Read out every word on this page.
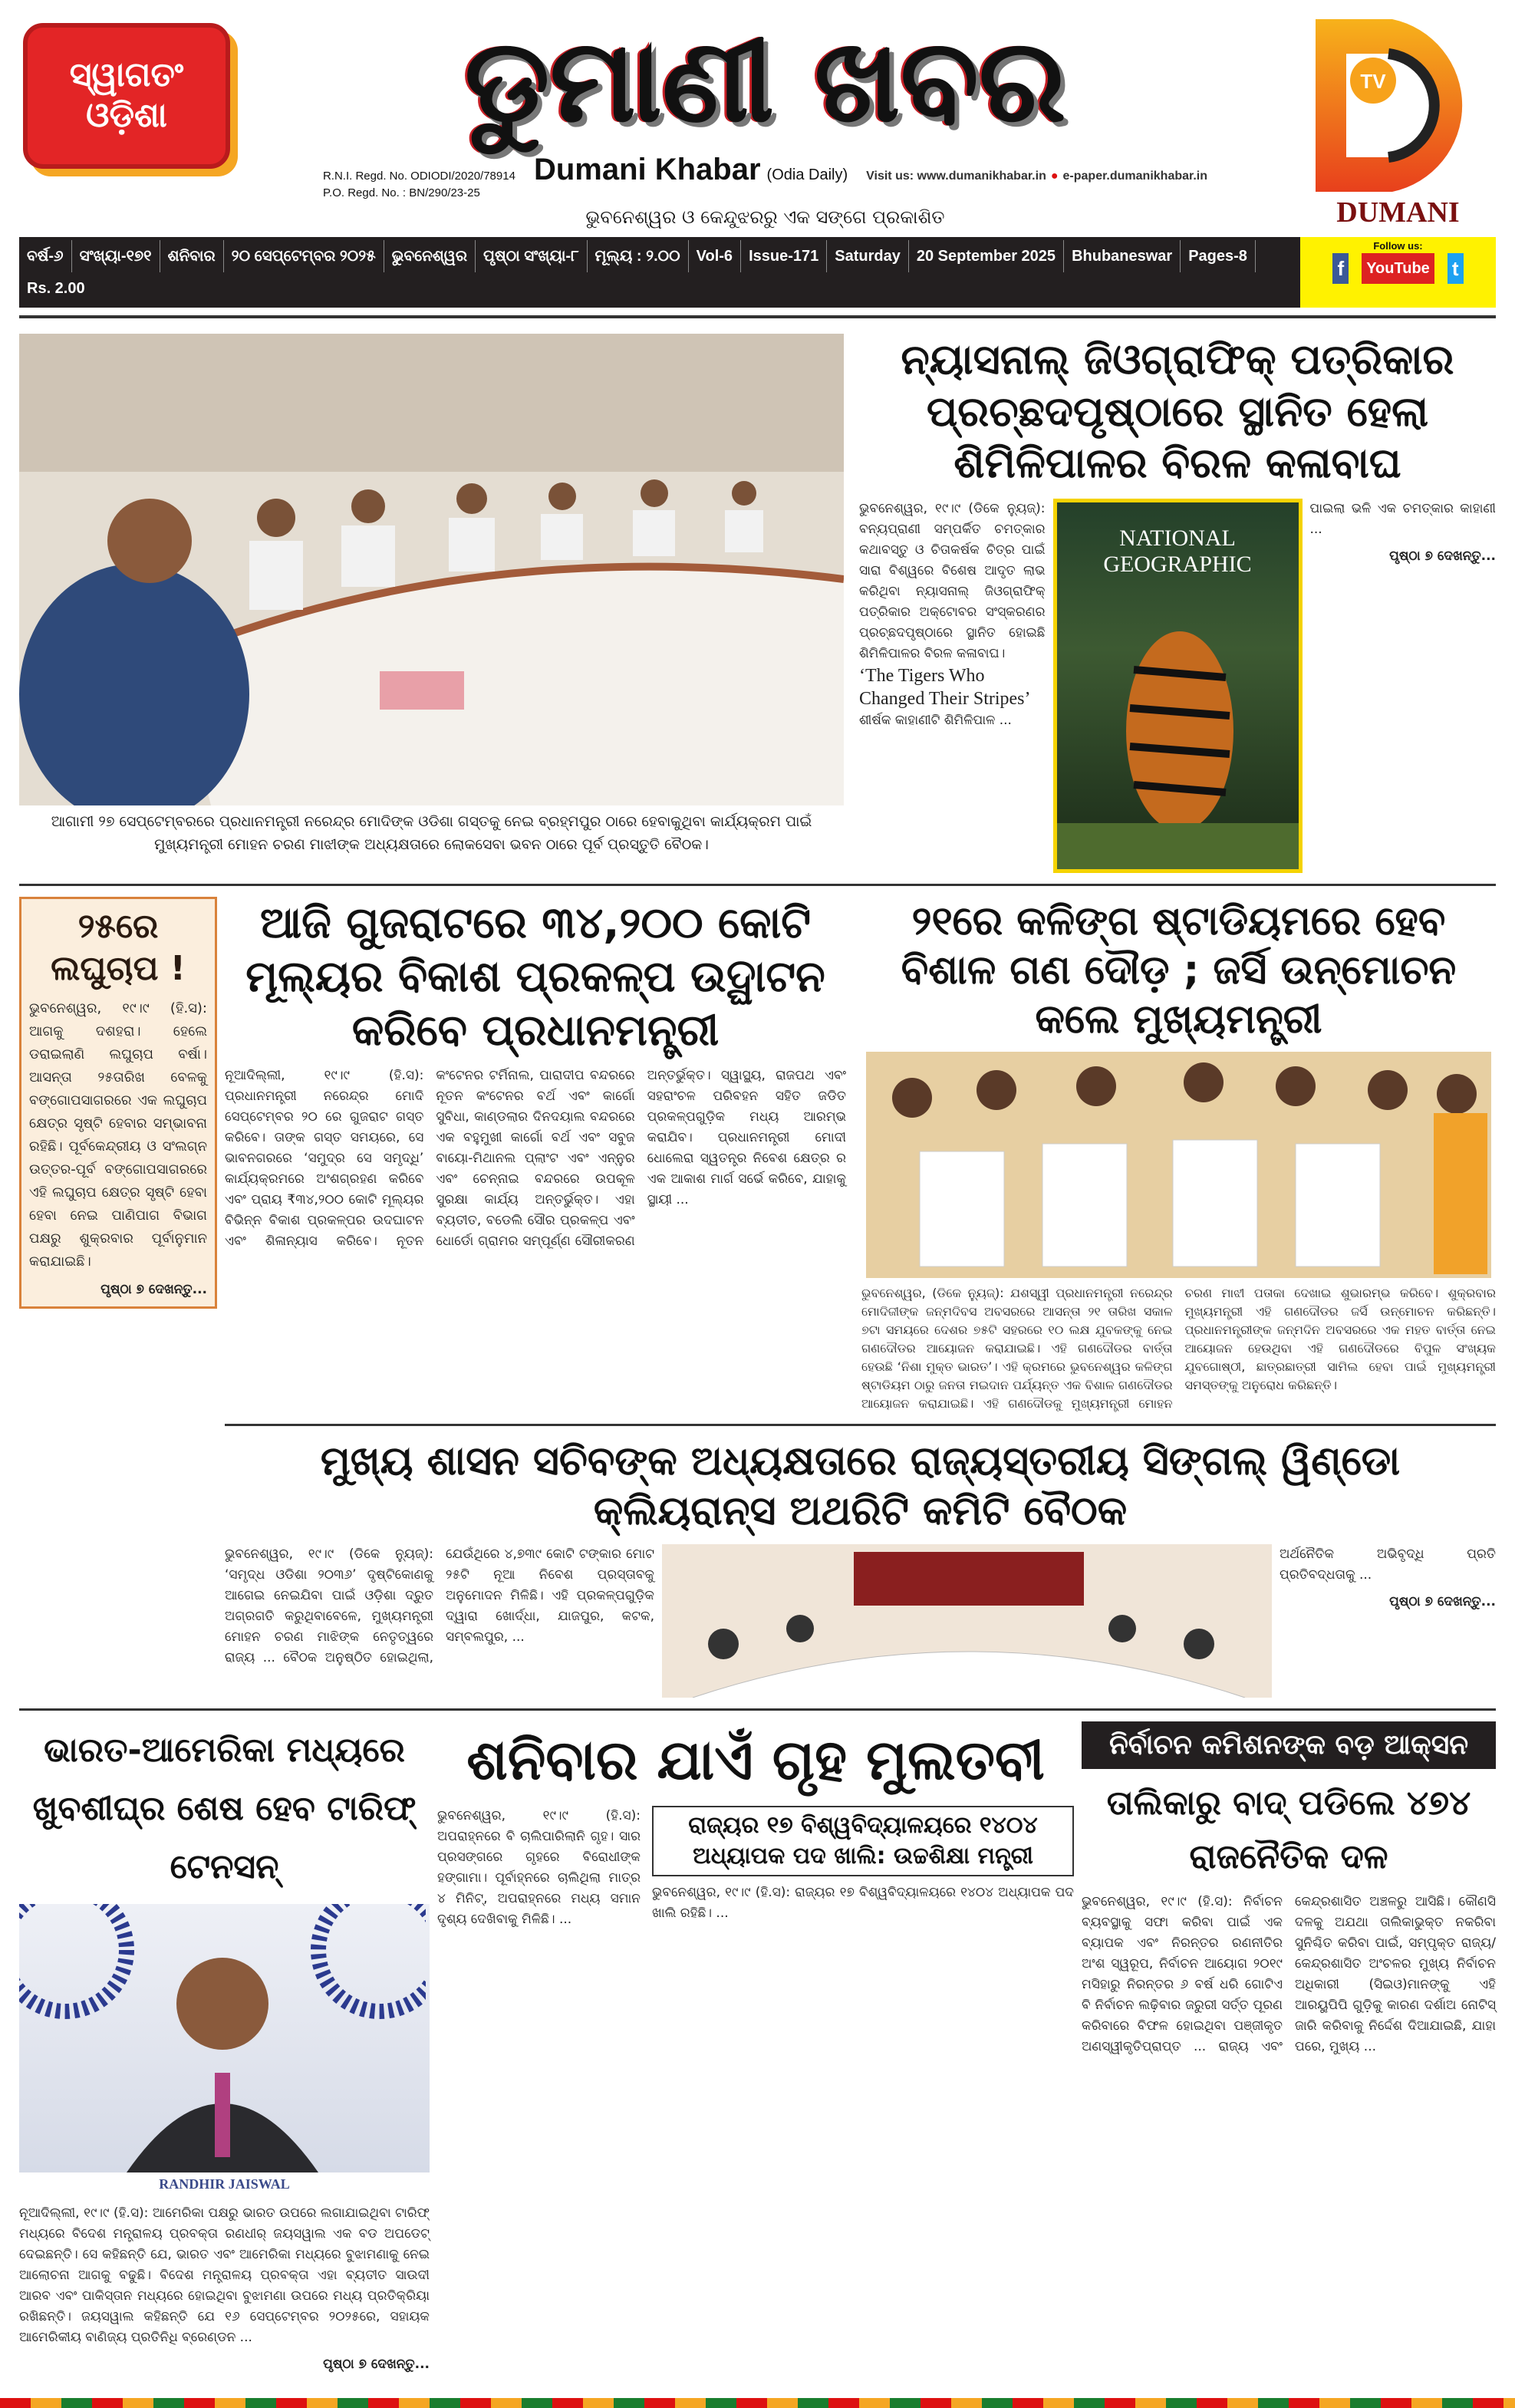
ସ୍ୱାଗତଂ
ଓଡ଼ିଶା	ଡୁମାଣୀ ଖବର
R.N.I. Regd. No. ODIODI/2020/78914
P.O. Regd. No. : BN/290/23-25
Dumani Khabar (Odia Daily) Visit us: www.dumanikhabar.in ● e-paper.dumanikhabar.in
ଭୁବନେଶ୍ୱର ଓ କେନ୍ଦୁଝରରୁ ଏକ ସଙ୍ଗେ ପ୍ରକାଶିତ
TV
DUMANI
ବର୍ଷ-୬	ସଂଖ୍ୟା-୧୭୧	ଶନିବାର	୨୦ ସେପ୍ଟେମ୍ବର ୨୦୨୫	ଭୁବନେଶ୍ୱର	ପୃଷ୍ଠା ସଂଖ୍ୟା-୮	ମୂଲ୍ୟ : ୨.୦୦	Vol-6	Issue-171	Saturday	20 September 2025	Bhubaneswar	Pages-8
Rs. 2.00
Follow us:
f YouTube t
ଆଗାମୀ ୨୭ ସେପ୍ଟେମ୍ବରରେ ପ୍ରଧାନମନ୍ତ୍ରୀ ନରେନ୍ଦ୍ର ମୋଦିଙ୍କ ଓଡିଶା ଗସ୍ତକୁ ନେଇ ବ୍ରହ୍ମପୁର ଠାରେ ହେବାକୁଥିବା କାର୍ଯ୍ୟକ୍ରମ ପାଇଁ ମୁଖ୍ୟମନ୍ତ୍ରୀ ମୋହନ ଚରଣ ମାଝୀଙ୍କ ଅଧ୍ୟକ୍ଷତାରେ ଲୋକସେବା ଭବନ ଠାରେ ପୂର୍ବ ପ୍ରସ୍ତୁତି ବୈଠକ।
ନ୍ୟାସନାଲ୍ ଜିଓଗ୍ରାଫିକ୍ ପତ୍ରିକାର ପ୍ରଚ୍ଛଦପୃଷ୍ଠାରେ ସ୍ଥାନିତ ହେଲା ଶିମିଳିପାଳର ବିରଳ କଳାବାଘ
ଭୁବନେଶ୍ୱର, ୧୯।୯ (ଡିକେ ନ୍ୟୁଜ୍): ବନ୍ୟପ୍ରାଣୀ ସମ୍ପର୍କିତ ଚମତ୍କାର କଥାବସ୍ତୁ ଓ ଚିତାକର୍ଷକ ଚିତ୍ର ପାଇଁ ସାରା ବିଶ୍ୱରେ ବିଶେଷ ଆଦୃତ ଲାଭ କରିଥିବା ନ୍ୟାସନାଲ୍ ଜିଓଗ୍ରାଫିକ୍ ପତ୍ରିକାର ଅକ୍ଟୋବର ସଂସ୍କରଣର ପ୍ରଚ୍ଛଦପୃଷ୍ଠାରେ ସ୍ଥାନିତ ହୋଇଛି ଶିମିଳିପାଳର ବିରଳ କଳାବାଘ।
‘The Tigers Who Changed Their Stripes’
ଶୀର୍ଷକ କାହାଣୀଟି ଶିମିଳିପାଳ ...
NATIONAL GEOGRAPHIC
ପାଇଲା ଭଳି ଏକ ଚମତ୍କାର କାହାଣୀ ...
ପୃଷ୍ଠା ୭ ଦେଖନ୍ତୁ...
୨୫ରେ ଲଘୁଚାପ !
ଭୁବନେଶ୍ୱର, ୧୯।୯ (ହି.ସ): ଆଗକୁ ଦଶହରା। ହେଲେ ଡରାଇଲାଣି ଲଘୁଚାପ ବର୍ଷା। ଆସନ୍ତା ୨୫ତାରିଖ ବେଳକୁ ବଙ୍ଗୋପସାଗରରେ ଏକ ଲଘୁଚାପ କ୍ଷେତ୍ର ସୃଷ୍ଟି ହେବାର ସମ୍ଭାବନା ରହିଛି। ପୂର୍ବକେନ୍ଦ୍ରୀୟ ଓ ସଂଲଗ୍ନ ଉତ୍ତର-ପୂର୍ବ ବଙ୍ଗୋପସାଗରରେ ଏହି ଲଘୁଚାପ କ୍ଷେତ୍ର ସୃଷ୍ଟି ହେବା ହେବା ନେଇ ପାଣିପାଗ ବିଭାଗ ପକ୍ଷରୁ ଶୁକ୍ରବାର ପୂର୍ବାନୁମାନ କରାଯାଇଛି।
ପୃଷ୍ଠା ୭ ଦେଖନ୍ତୁ...
ଆଜି ଗୁଜରାଟରେ ୩୪,୨୦୦ କୋଟି ମୂଲ୍ୟର ବିକାଶ ପ୍ରକଳ୍ପ ଉଦ୍ଘାଟନ କରିବେ ପ୍ରଧାନମନ୍ତ୍ରୀ
ନୂଆଦିଲ୍ଲୀ, ୧୯।୯ (ହି.ସ): ପ୍ରଧାନମନ୍ତ୍ରୀ ନରେନ୍ଦ୍ର ମୋଦି ସେପ୍ଟେମ୍ବର ୨୦ ରେ ଗୁଜରାଟ ଗସ୍ତ କରିବେ। ତାଙ୍କ ଗସ୍ତ ସମୟରେ, ସେ ଭାବନଗରରେ ‘ସମୁଦ୍ର ସେ ସମୃଦ୍ଧି’ କାର୍ଯ୍ୟକ୍ରମରେ ଅଂଶଗ୍ରହଣ କରିବେ ଏବଂ ପ୍ରାୟ ₹୩୪,୨୦୦ କୋଟି ମୂଲ୍ୟର ବିଭିନ୍ନ ବିକାଶ ପ୍ରକଳ୍ପର ଉଦଘାଟନ ଏବଂ ଶିଳାନ୍ୟାସ କରିବେ। ନୂତନ କଂଟେନର ଟର୍ମିନାଲ, ପାରାଦୀପ ବନ୍ଦରରେ ନୂତନ କଂଟେନର ବର୍ଥ ଏବଂ କାର୍ଗୋ ସୁବିଧା, କାଣ୍ଡଲାର ଦିନଦୟାଲ ବନ୍ଦରରେ ଏକ ବହୁମୁଖୀ କାର୍ଗୋ ବର୍ଥ ଏବଂ ସବୁଜ ବାୟୋ-ମିଥାନଲ ପ୍ଲାଂଟ ଏବଂ ଏନ୍ନୁର ଏବଂ ଚେନ୍ନାଇ ବନ୍ଦରରେ ଉପକୂଳ ସୁରକ୍ଷା କାର୍ଯ୍ୟ ଅନ୍ତର୍ଭୁକ୍ତ। ଏହା ବ୍ୟତୀତ, ବଡେଲି ସୌର ପ୍ରକଳ୍ପ ଏବଂ ଧୋର୍ଡୋ ଗ୍ରାମର ସମ୍ପୂର୍ଣ୍ଣ ସୌରୀକରଣ ଅନ୍ତର୍ଭୁକ୍ତ। ସ୍ୱାସ୍ଥ୍ୟ, ରାଜପଥ ଏବଂ ସହରାଂଚଳ ପରିବହନ ସହିତ ଜଡିତ ପ୍ରକଳ୍ପଗୁଡ଼ିକ ମଧ୍ୟ ଆରମ୍ଭ କରାଯିବ। ପ୍ରଧାନମନ୍ତ୍ରୀ ମୋଦୀ ଧୋଲେରା ସ୍ୱତନ୍ତ୍ର ନିବେଶ କ୍ଷେତ୍ର ର ଏକ ଆକାଶ ମାର୍ଗ ସର୍ଭେ କରିବେ, ଯାହାକୁ ସ୍ଥାୟୀ ...
୨୧ରେ କଳିଙ୍ଗ ଷ୍ଟାଡିୟମରେ ହେବ ବିଶାଳ ଗଣ ଦୌଡ଼ ; ଜର୍ସି ଉନ୍ମୋଚନ କଲେ ମୁଖ୍ୟମନ୍ତ୍ରୀ
ଭୁବନେଶ୍ୱର, (ଡିକେ ନ୍ୟୁଜ୍): ଯଶସ୍ୱୀ ପ୍ରଧାନମନ୍ତ୍ରୀ ନରେନ୍ଦ୍ର ମୋଦିଜୀଙ୍କ ଜନ୍ମଦିବସ ଅବସରରେ ଆସନ୍ତା ୨୧ ତାରିଖ ସକାଳ ୭ଟା ସମୟରେ ଦେଶର ୭୫ଟି ସହରରେ ୧୦ ଲକ୍ଷ ଯୁବକଙ୍କୁ ନେଇ ଗଣଦୌଡର ଆୟୋଜନ କରାଯାଇଛି। ଏହି ଗଣଦୌଡର ବାର୍ତ୍ତା ହେଉଛି ‘ନିଶା ମୁକ୍ତ ଭାରତ’। ଏହି କ୍ରମରେ ଭୁବନେଶ୍ୱର କଳିଙ୍ଗ ଷ୍ଟାଡିୟମ ଠାରୁ ଜନତା ମଇଦାନ ପର୍ଯ୍ୟନ୍ତ ଏକ ବିଶାଳ ଗଣଦୌଡର ଆୟୋଜନ କରାଯାଇଛି। ଏହି ଗଣଦୌଡକୁ ମୁଖ୍ୟମନ୍ତ୍ରୀ ମୋହନ ଚରଣ ମାଝୀ ପତାକା ଦେଖାଇ ଶୁଭାରମ୍ଭ କରିବେ। ଶୁକ୍ରବାର ମୁଖ୍ୟମନ୍ତ୍ରୀ ଏହି ଗଣଦୌଡର ଜର୍ସି ଉନ୍ମୋଚନ କରିଛନ୍ତି। ପ୍ରଧାନମନ୍ତ୍ରୀଙ୍କ ଜନ୍ମଦିନ ଅବସରରେ ଏକ ମହତ ବାର୍ତ୍ତା ନେଇ ଆୟୋଜନ ହେଉଥିବା ଏହି ଗଣଦୌଡରେ ବିପୁଳ ସଂଖ୍ୟକ ଯୁବଗୋଷ୍ଠୀ, ଛାତ୍ରଛାତ୍ରୀ ସାମିଲ ହେବା ପାଇଁ ମୁଖ୍ୟମନ୍ତ୍ରୀ ସମସ୍ତଙ୍କୁ ଅନୁରୋଧ କରିଛନ୍ତି।
ମୁଖ୍ୟ ଶାସନ ସଚିବଙ୍କ ଅଧ୍ୟକ୍ଷତାରେ ରାଜ୍ୟସ୍ତରୀୟ ସିଙ୍ଗଲ୍ ୱିଣ୍ଡୋ କ୍ଲିୟରାନ୍ସ ଅଥରିଟି କମିଟି ବୈଠକ
ଭୁବନେଶ୍ୱର, ୧୯।୯ (ଡିକେ ନ୍ୟୁଜ୍): ‘ସମୃଦ୍ଧ ଓଡିଶା ୨୦୩୬’ ଦୃଷ୍ଟିକୋଣକୁ ଆଗେଇ ନେଇଯିବା ପାଇଁ ଓଡ଼ିଶା ଦ୍ରୁତ ଅଗ୍ରଗତି କରୁଥିବାବେଳେ, ମୁଖ୍ୟମନ୍ତ୍ରୀ ମୋହନ ଚରଣ ମାଝିଙ୍କ ନେତୃତ୍ୱରେ ରାଜ୍ୟ ... ବୈଠକ ଅନୁଷ୍ଠିତ ହୋଇଥିଲା, ଯେଉଁଥିରେ ୪,୭୩୯ କୋଟି ଟଙ୍କାର ମୋଟ ୨୫ଟି ନୂଆ ନିବେଶ ପ୍ରସ୍ତାବକୁ ଅନୁମୋଦନ ମିଳିଛି। ଏହି ପ୍ରକଳ୍ପଗୁଡ଼ିକ ଦ୍ୱାରା ଖୋର୍ଦ୍ଧା, ଯାଜପୁର, କଟକ, ସମ୍ବଲପୁର, ...
ଅର୍ଥନୈତିକ ଅଭିବୃଦ୍ଧି ପ୍ରତି ପ୍ରତିବଦ୍ଧତାକୁ ...
ପୃଷ୍ଠା ୭ ଦେଖନ୍ତୁ...
ଭାରତ-ଆମେରିକା ମଧ୍ୟରେ ଖୁବଶୀଘ୍ର ଶେଷ ହେବ ଟାରିଫ୍ ଟେନସନ୍
RANDHIR JAISWAL
ନୂଆଦିଲ୍ଲୀ, ୧୯।୯ (ହି.ସ): ଆମେରିକା ପକ୍ଷରୁ ଭାରତ ଉପରେ ଲଗାଯାଇଥିବା ଟାରିଫ୍ ମଧ୍ୟରେ ବିଦେଶ ମନ୍ତ୍ରାଳୟ ପ୍ରବକ୍ତା ରଣଧୀର୍ ଜୟସୱାଲ ଏକ ବଡ ଅପଡେଟ୍ ଦେଇଛନ୍ତି। ସେ କହିଛନ୍ତି ଯେ, ଭାରତ ଏବଂ ଆମେରିକା ମଧ୍ୟରେ ବୁଝାମଣାକୁ ନେଇ ଆଲୋଚନା ଆଗକୁ ବଢୁଛି। ବିଦେଶ ମନ୍ତ୍ରାଳୟ ପ୍ରବକ୍ତା ଏହା ବ୍ୟତୀତ ସାଉଦୀ ଆରବ ଏବଂ ପାକିସ୍ତାନ ମଧ୍ୟରେ ହୋଇଥିବା ବୁଝାମଣା ଉପରେ ମଧ୍ୟ ପ୍ରତିକ୍ରିୟା ରଖିଛନ୍ତି। ଜୟସୱାଲ କହିଛନ୍ତି ଯେ ୧୬ ସେପ୍ଟେମ୍ବର ୨୦୨୫ରେ, ସହାୟକ ଆମେରିକୀୟ ବାଣିଜ୍ୟ ପ୍ରତିନିଧି ବ୍ରେଣ୍ଡନ ...
ପୃଷ୍ଠା ୭ ଦେଖନ୍ତୁ...
ଶନିବାର ଯାଏଁ ଗୃହ ମୁଲତବୀ
ଭୁବନେଶ୍ୱର, ୧୯।୯ (ହି.ସ): ଅପରାହ୍ନରେ ବି ଚାଲିପାରିଲାନି ଗୃହ। ସାର ପ୍ରସଙ୍ଗରେ ଗୃହରେ ବିରୋଧୀଙ୍କ ହଙ୍ଗାମା। ପୂର୍ବାହ୍ନରେ ଚାଲିଥିଲା ମାତ୍ର ୪ ମିନିଟ୍, ଅପରାହ୍ନରେ ମଧ୍ୟ ସମାନ ଦୃଶ୍ୟ ଦେଖିବାକୁ ମିଳିଛି। ...
ରାଜ୍ୟର ୧୭ ବିଶ୍ୱବିଦ୍ୟାଳୟରେ ୧୪୦୪ ଅଧ୍ୟାପକ ପଦ ଖାଲି: ଉଚ୍ଚଶିକ୍ଷା ମନ୍ତ୍ରୀ
ଭୁବନେଶ୍ୱର, ୧୯।୯ (ହି.ସ): ରାଜ୍ୟର ୧୭ ବିଶ୍ୱବିଦ୍ୟାଳୟରେ ୧୪୦୪ ଅଧ୍ୟାପକ ପଦ ଖାଲି ରହିଛି। ...
ନିର୍ବାଚନ କମିଶନଙ୍କ ବଡ଼ ଆକ୍ସନ
ତାଲିକାରୁ ବାଦ୍ ପଡିଲେ ୪୭୪ ରାଜନୈତିକ ଦଳ
ଭୁବନେଶ୍ୱର, ୧୯।୯ (ହି.ସ): ନିର୍ବାଚନ ବ୍ୟବସ୍ଥାକୁ ସଫା କରିବା ପାଇଁ ଏକ ବ୍ୟାପକ ଏବଂ ନିରନ୍ତର ରଣନୀତିର ଅଂଶ ସ୍ୱରୂପ, ନିର୍ବାଚନ ଆୟୋଗ ୨୦୧୯ ମସିହାରୁ ନିରନ୍ତର ୬ ବର୍ଷ ଧରି ଗୋଟିଏ ବି ନିର୍ବାଚନ ଲଢ଼ିବାର ଜରୁରୀ ସର୍ତ୍ତ ପୂରଣ କରିବାରେ ବିଫଳ ହୋଇଥିବା ପଞ୍ଜୀକୃତ ଅଣସ୍ୱୀକୃତିପ୍ରାପ୍ତ ... ରାଜ୍ୟ ଏବଂ କେନ୍ଦ୍ରଶାସିତ ଅଞ୍ଚଳରୁ ଆସିଛି। କୌଣସି ଦଳକୁ ଅଯଥା ତାଲିକାଭୁକ୍ତ ନକରିବା ସୁନିଶ୍ଚିତ କରିବା ପାଇଁ, ସମ୍ପୃକ୍ତ ରାଜ୍ୟ/କେନ୍ଦ୍ରଶାସିତ ଅଂଚଳର ମୁଖ୍ୟ ନିର୍ବାଚନ ଅଧିକାରୀ (ସିଇଓ)ମାନଙ୍କୁ ଏହି ଆରୟୁପିପି ଗୁଡ଼ିକୁ କାରଣ ଦର୍ଶାଅ ନୋଟିସ୍ ଜାରି କରିବାକୁ ନିର୍ଦ୍ଦେଶ ଦିଆଯାଇଛି, ଯାହା ପରେ, ମୁଖ୍ୟ ...
